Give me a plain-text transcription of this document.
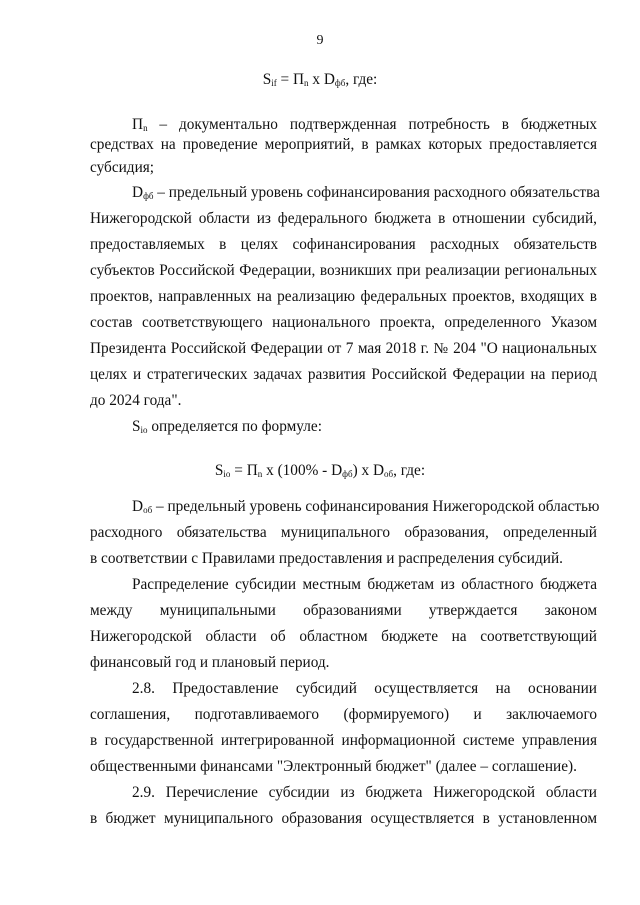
9
$S_{if} = П_n$ x $D_{фб}$, где:
$П_n$ – документально подтвержденная потребность в бюджетных
средствах на проведение мероприятий, в рамках которых предоставляется
субсидия;
$D_{фб}$ – предельный уровень софинансирования расходного обязательства
Нижегородской области из федерального бюджета в отношении субсидий,
предоставляемых в целях софинансирования расходных обязательств
субъектов Российской Федерации, возникших при реализации региональных
проектов, направленных на реализацию федеральных проектов, входящих в
состав соответствующего национального проекта, определенного Указом
Президента Российской Федерации от 7 мая 2018 г. № 204 "О национальных
целях и стратегических задачах развития Российской Федерации на период
до 2024 года".
$S_{io}$ определяется по формуле:
$S_{io} = П_n$ x $(100\% - D_{фб})$ x $D_{об}$, где:
$D_{об}$ – предельный уровень софинансирования Нижегородской областью
расходного обязательства муниципального образования, определенный
в соответствии с Правилами предоставления и распределения субсидий.
Распределение субсидии местным бюджетам из областного бюджета
между муниципальными образованиями утверждается законом
Нижегородской области об областном бюджете на соответствующий
финансовый год и плановый период.
2.8. Предоставление субсидий осуществляется на основании
соглашения, подготавливаемого (формируемого) и заключаемого
в государственной интегрированной информационной системе управления
общественными финансами "Электронный бюджет" (далее – соглашение).
2.9. Перечисление субсидии из бюджета Нижегородской области
в бюджет муниципального образования осуществляется в установленном
